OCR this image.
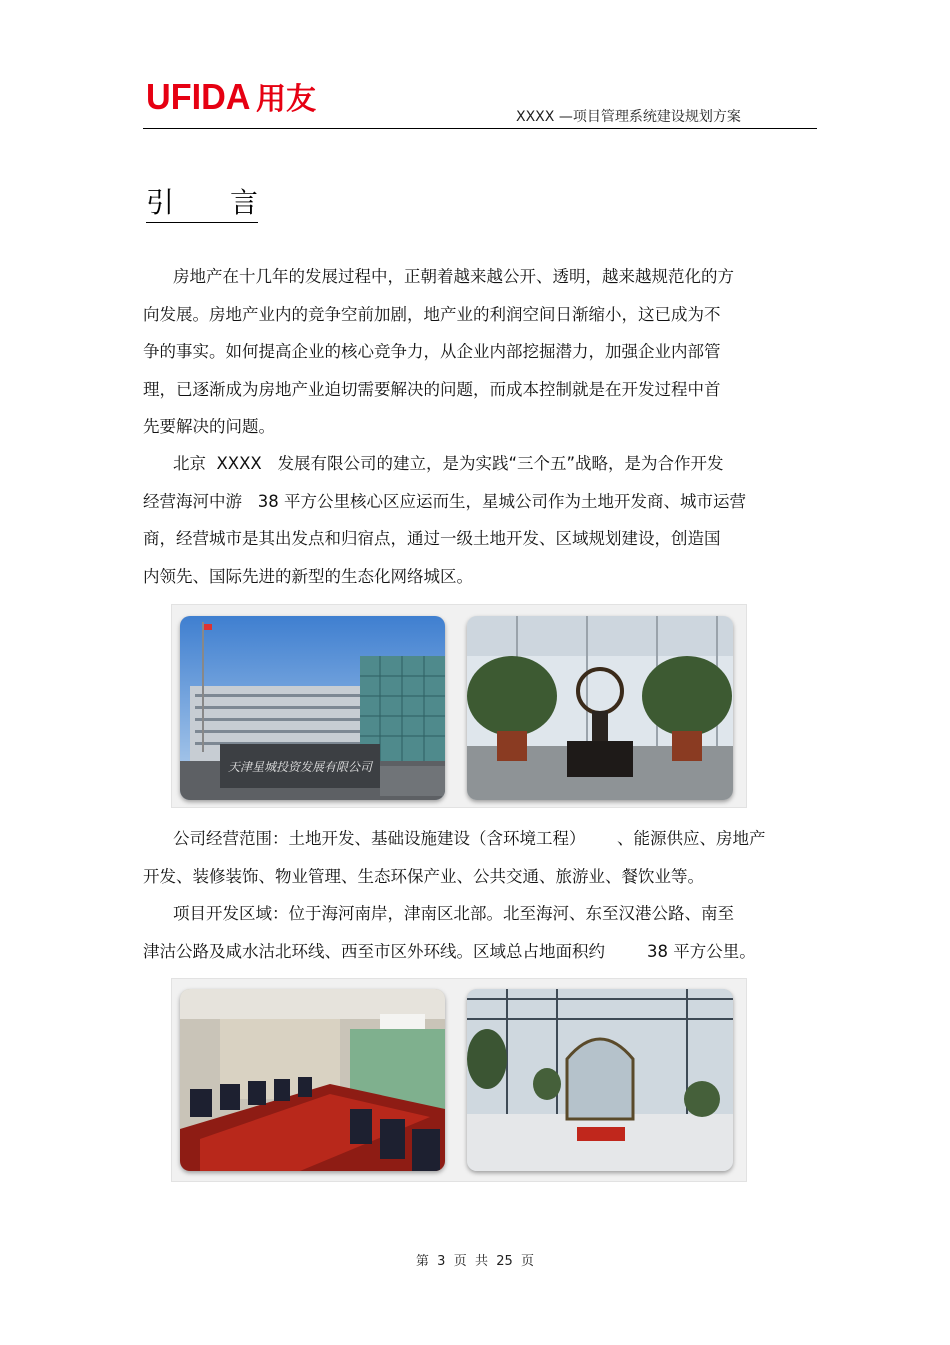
UFIDA 用友	XXXX —项目管理系统建设规划方案
引　　言
房地产在十几年的发展过程中，正朝着越来越公开、透明，越来越规范化的方
向发展。房地产业内的竞争空前加剧，地产业的利润空间日渐缩小，这已成为不
争的事实。如何提高企业的核心竞争力，从企业内部挖掘潜力，加强企业内部管
理，已逐渐成为房地产业迫切需要解决的问题，而成本控制就是在开发过程中首
先要解决的问题。
北京  XXXX   发展有限公司的建立，是为实践“三个五”战略，是为合作开发
经营海河中游   38 平方公里核心区应运而生，星城公司作为土地开发商、城市运营
商，经营城市是其出发点和归宿点，通过一级土地开发、区域规划建设，创造国
内领先、国际先进的新型的生态化网络城区。
天津星城投资发展有限公司
公司经营范围：土地开发、基础设施建设（含环境工程）      、能源供应、房地产
开发、装修装饰、物业管理、生态环保产业、公共交通、旅游业、餐饮业等。
项目开发区域：位于海河南岸，津南区北部。北至海河、东至汉港公路、南至
津沽公路及咸水沽北环线、西至市区外环线。区域总占地面积约        38 平方公里。
第  3  页  共  25  页
